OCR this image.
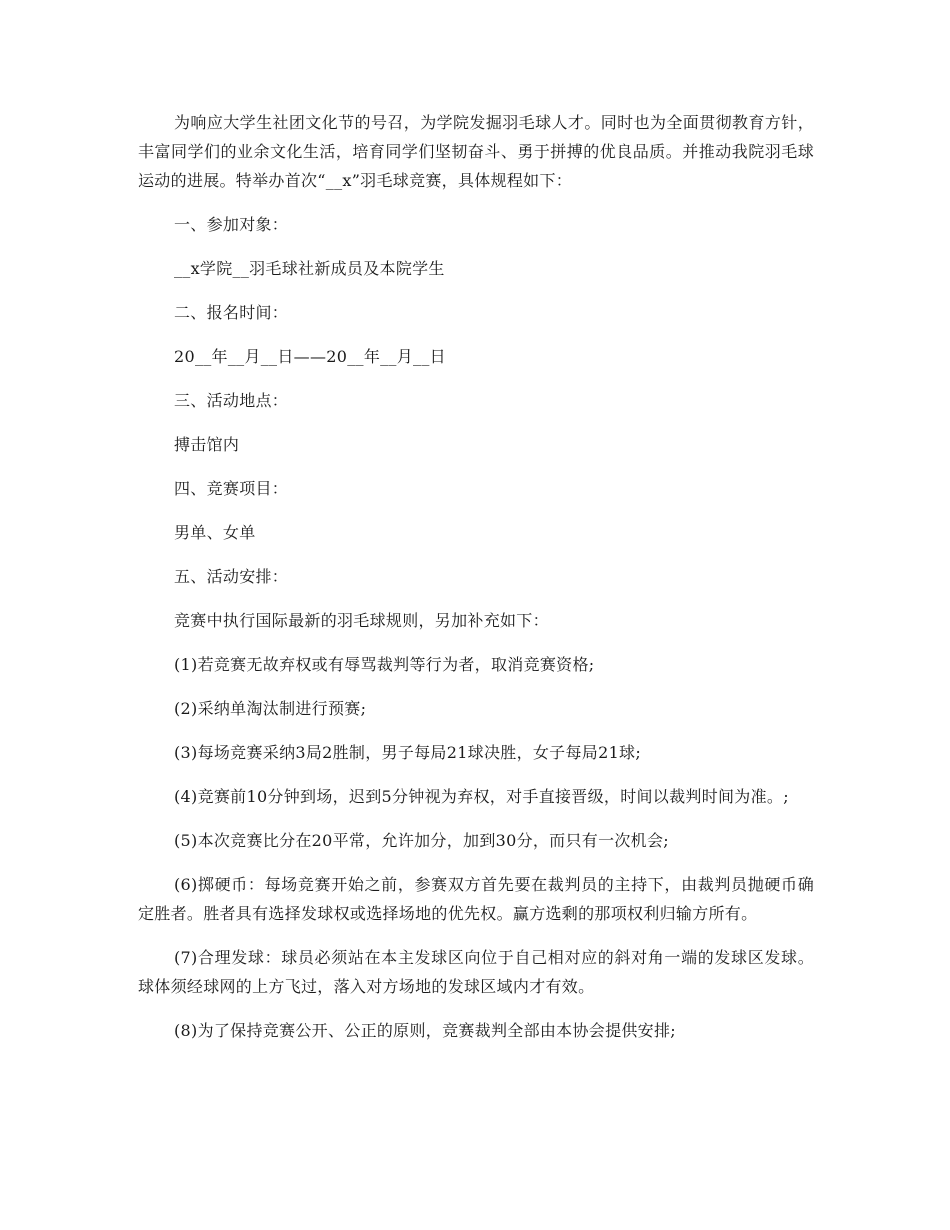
为响应大学生社团文化节的号召，为学院发掘羽毛球人才。同时也为全面贯彻教育方针，丰富同学们的业余文化生活，培育同学们坚韧奋斗、勇于拼搏的优良品质。并推动我院羽毛球运动的进展。特举办首次“__x”羽毛球竞赛，具体规程如下：

一、参加对象：

__x学院__羽毛球社新成员及本院学生

二、报名时间：

20__年__月__日——20__年__月__日

三、活动地点：

搏击馆内

四、竞赛项目：

男单、女单

五、活动安排：

竞赛中执行国际最新的羽毛球规则，另加补充如下：

(1)若竞赛无故弃权或有辱骂裁判等行为者，取消竞赛资格;

(2)采纳单淘汰制进行预赛;

(3)每场竞赛采纳3局2胜制，男子每局21球决胜，女子每局21球;

(4)竞赛前10分钟到场，迟到5分钟视为弃权，对手直接晋级，时间以裁判时间为准。;

(5)本次竞赛比分在20平常，允许加分，加到30分，而只有一次机会;

(6)掷硬币：每场竞赛开始之前，参赛双方首先要在裁判员的主持下，由裁判员抛硬币确定胜者。胜者具有选择发球权或选择场地的优先权。赢方选剩的那项权利归输方所有。

(7)合理发球：球员必须站在本主发球区向位于自己相对应的斜对角一端的发球区发球。球体须经球网的上方飞过，落入对方场地的发球区域内才有效。

(8)为了保持竞赛公开、公正的原则，竞赛裁判全部由本协会提供安排;
